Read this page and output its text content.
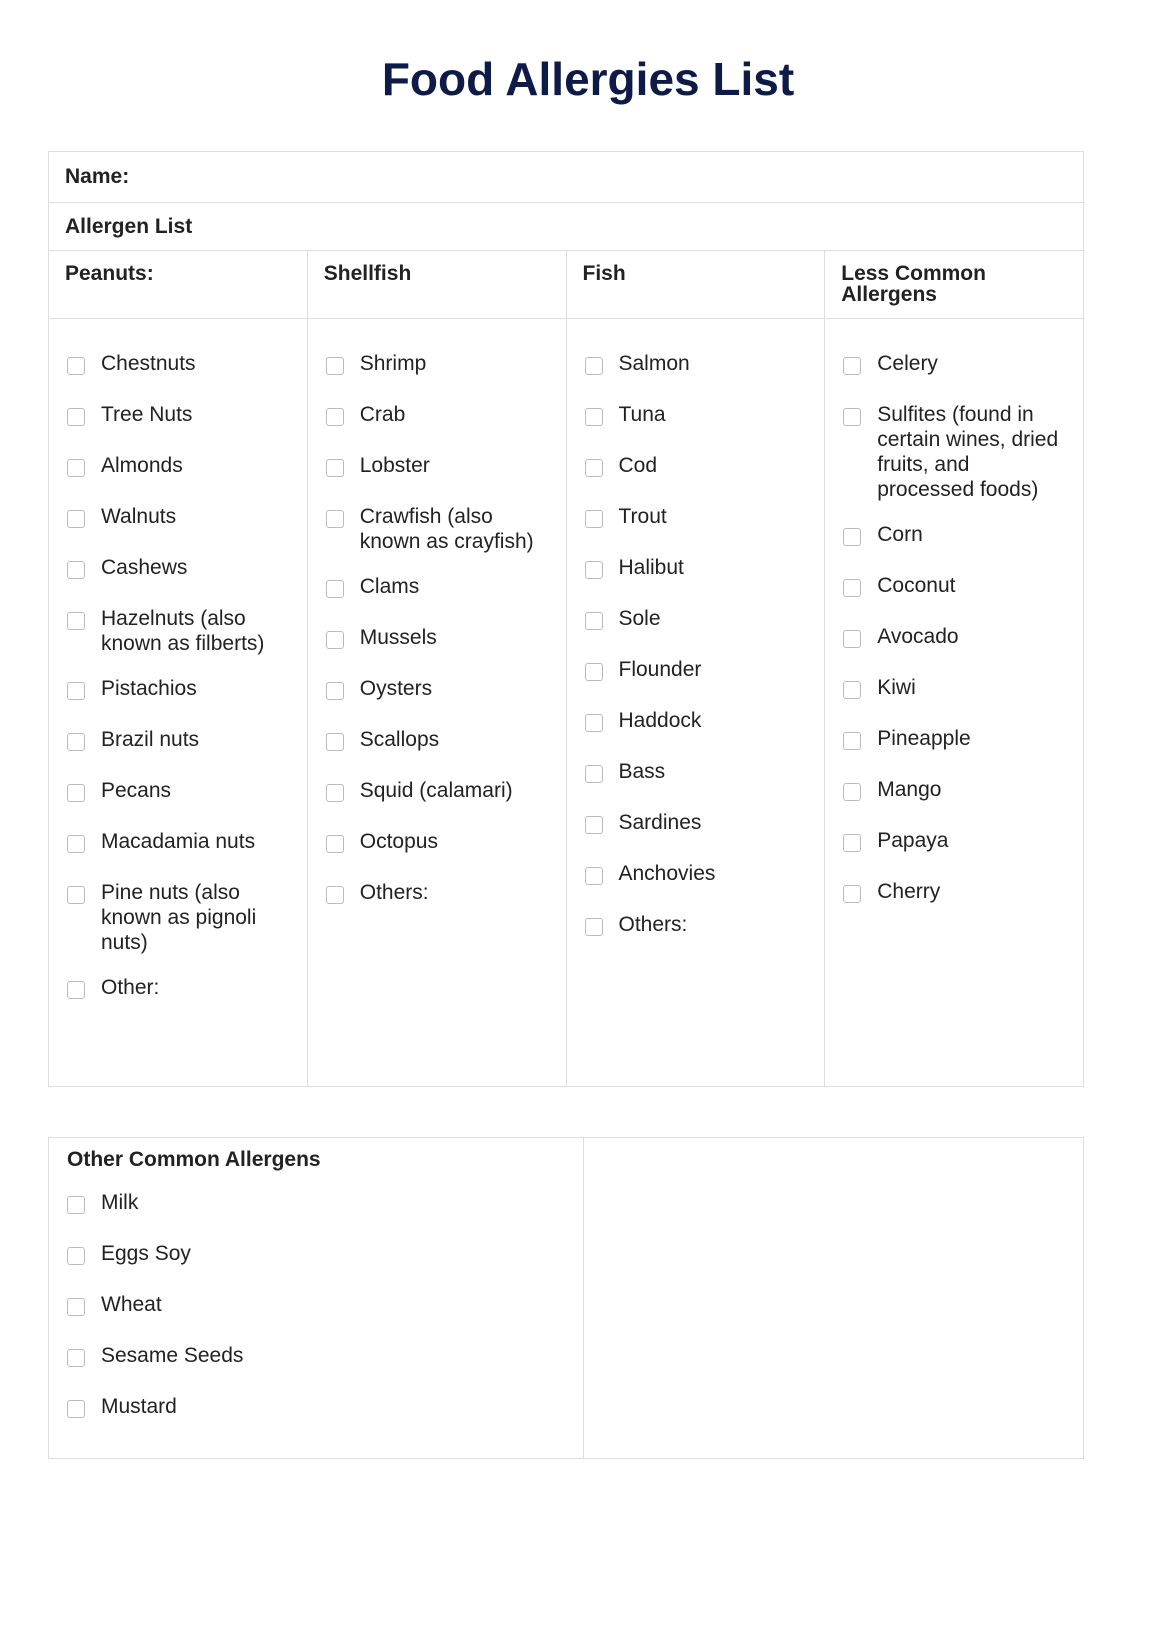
Food Allergies List
Name:
Allergen List
Peanuts:
Chestnuts
Tree Nuts
Almonds
Walnuts
Cashews
Hazelnuts (also known as filberts)
Pistachios
Brazil nuts
Pecans
Macadamia nuts
Pine nuts (also known as pignoli nuts)
Other:
Shellfish
Shrimp
Crab
Lobster
Crawfish (also known as crayfish)
Clams
Mussels
Oysters
Scallops
Squid (calamari)
Octopus
Others:
Fish
Salmon
Tuna
Cod
Trout
Halibut
Sole
Flounder
Haddock
Bass
Sardines
Anchovies
Others:
Less Common Allergens
Celery
Sulfites (found in certain wines, dried fruits, and processed foods)
Corn
Coconut
Avocado
Kiwi
Pineapple
Mango
Papaya
Cherry
Other Common Allergens
Milk
Eggs Soy
Wheat
Sesame Seeds
Mustard
